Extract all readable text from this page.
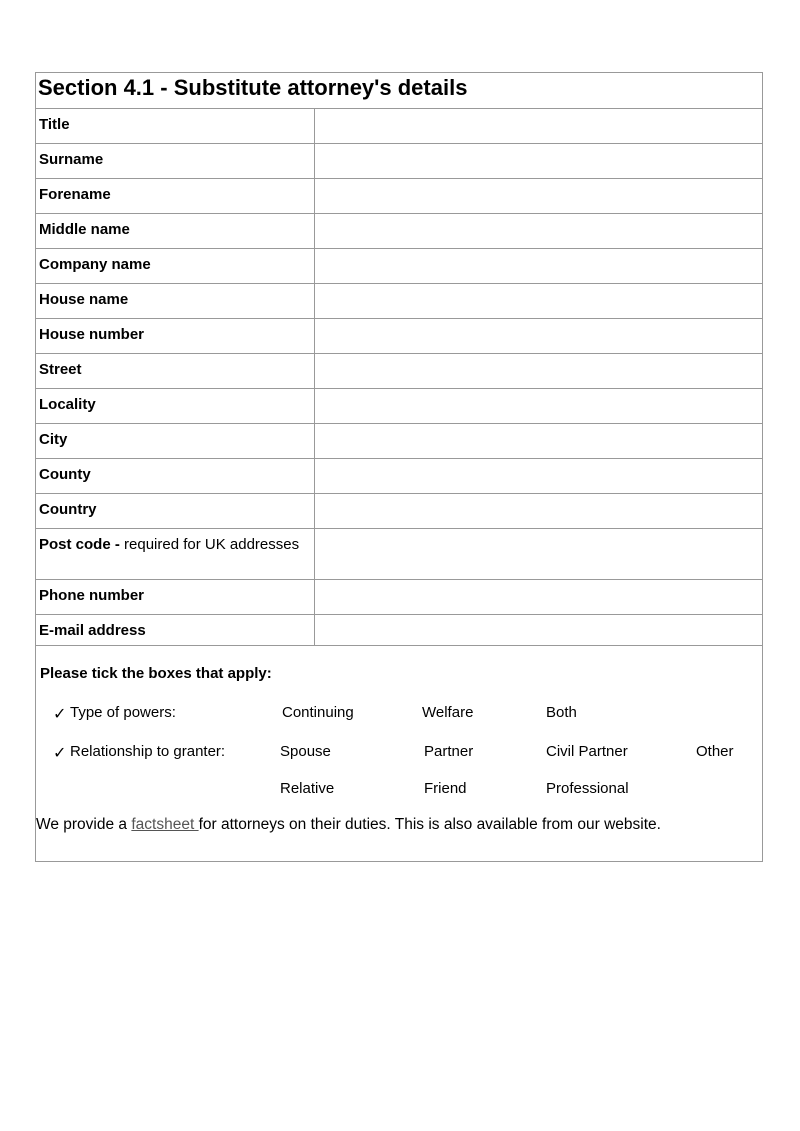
Section 4.1 - Substitute attorney's details
Title
Surname
Forename
Middle name
Company name
House name
House number
Street
Locality
City
County
Country
Post code - required for UK addresses
Phone number
E-mail address
Please tick the boxes that apply:
✓ Type of powers:	Continuing	Welfare	Both
✓ Relationship to granter:	Spouse	Partner	Civil Partner	Other
Relative	Friend	Professional
We provide a factsheet for attorneys on their duties. This is also available from our website.
